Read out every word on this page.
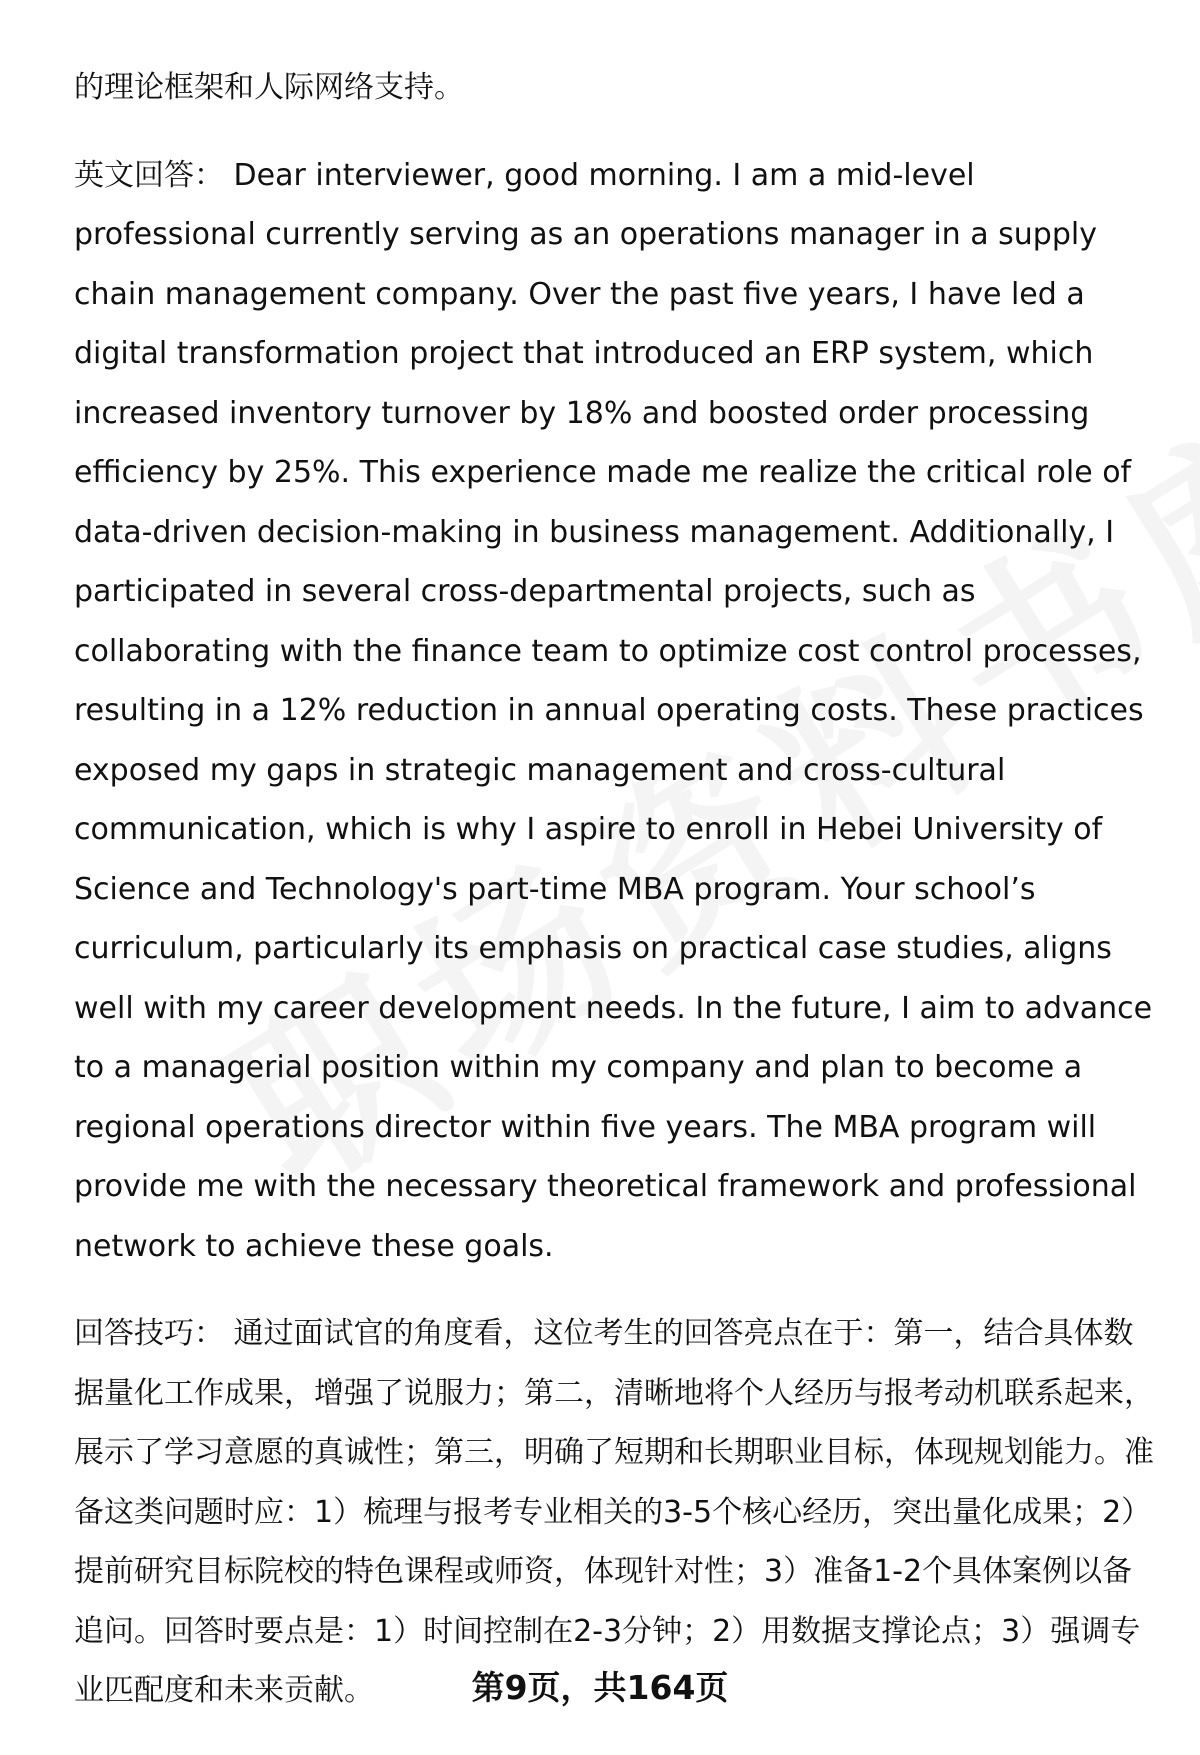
的理论框架和人际网络支持。

英文回答： Dear interviewer, good morning. I am a mid-level professional currently serving as an operations manager in a supply chain management company. Over the past five years, I have led a digital transformation project that introduced an ERP system, which increased inventory turnover by 18% and boosted order processing efficiency by 25%. This experience made me realize the critical role of data-driven decision-making in business management. Additionally, I participated in several cross-departmental projects, such as collaborating with the finance team to optimize cost control processes, resulting in a 12% reduction in annual operating costs. These practices exposed my gaps in strategic management and cross-cultural communication, which is why I aspire to enroll in Hebei University of Science and Technology's part-time MBA program. Your school’s curriculum, particularly its emphasis on practical case studies, aligns well with my career development needs. In the future, I aim to advance to a managerial position within my company and plan to become a regional operations director within five years. The MBA program will provide me with the necessary theoretical framework and professional network to achieve these goals.

回答技巧： 通过面试官的角度看，这位考生的回答亮点在于：第一，结合具体数据量化工作成果，增强了说服力；第二，清晰地将个人经历与报考动机联系起来，展示了学习意愿的真诚性；第三，明确了短期和长期职业目标，体现规划能力。准备这类问题时应：1）梳理与报考专业相关的3-5个核心经历，突出量化成果；2）提前研究目标院校的特色课程或师资，体现针对性；3）准备1-2个具体案例以备追问。回答时要点是：1）时间控制在2-3分钟；2）用数据支撑论点；3）强调专业匹配度和未来贡献。	第9页，共164页
